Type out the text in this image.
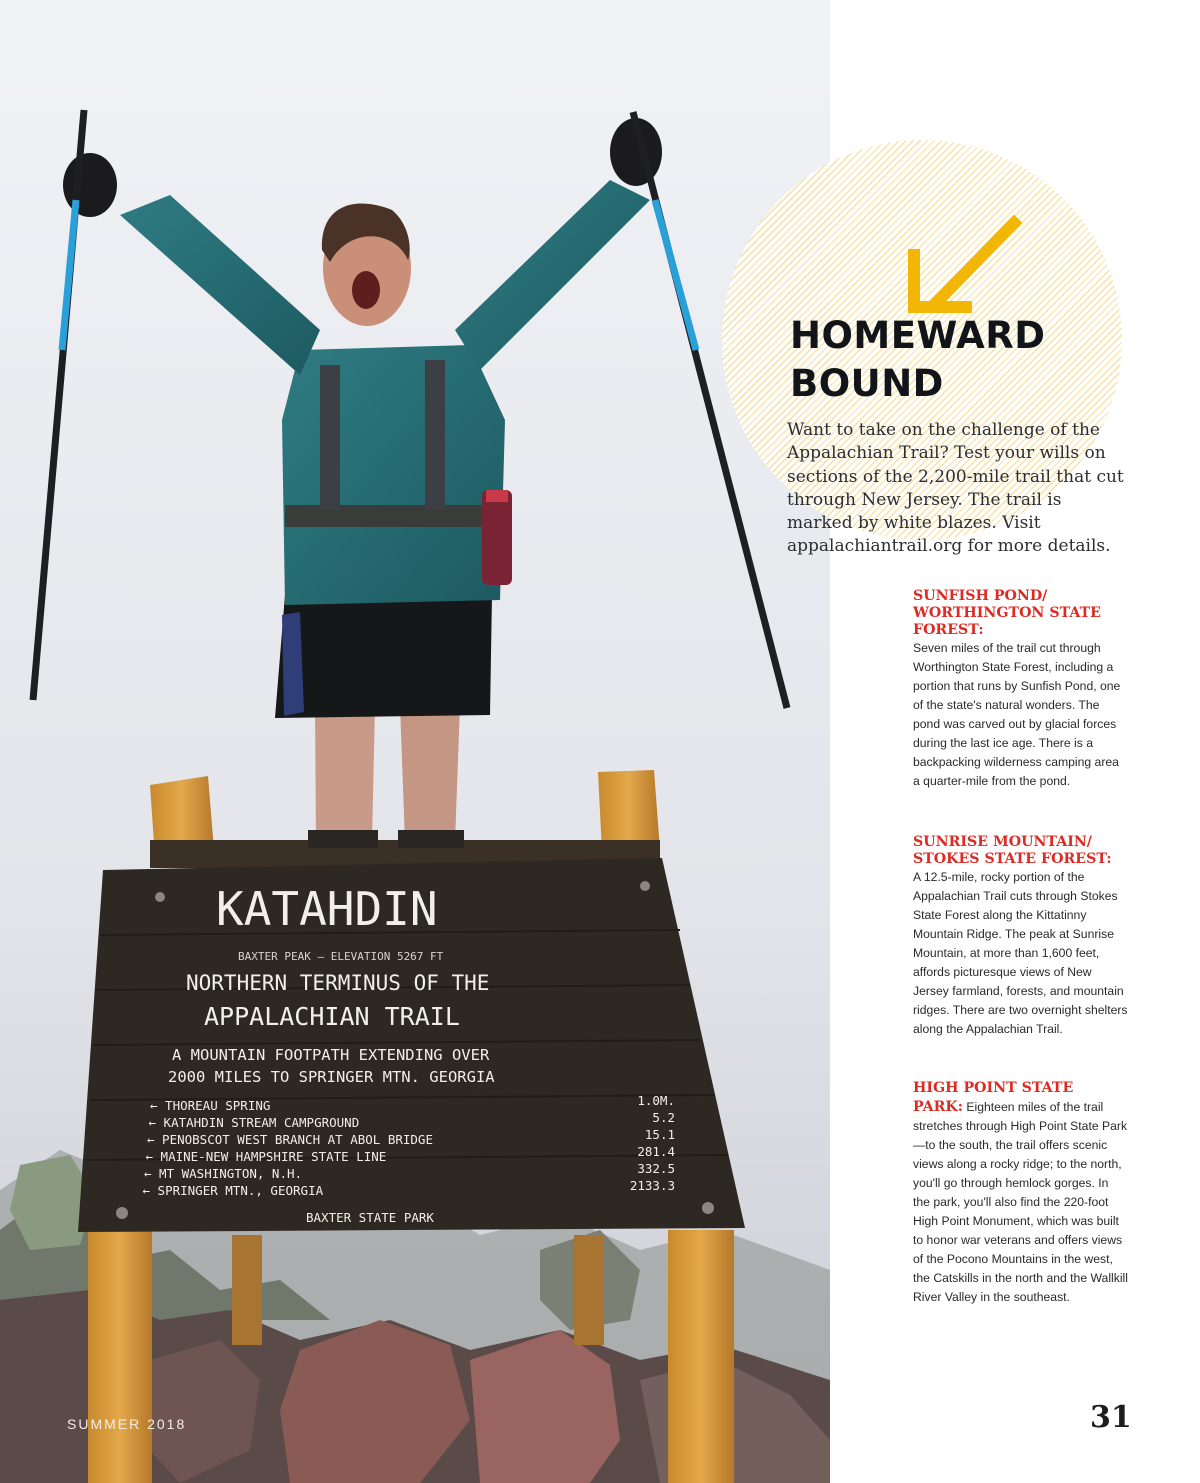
KATAHDIN
BAXTER PEAK — ELEVATION 5267 FT
NORTHERN TERMINUS OF THE
APPALACHIAN TRAIL
A MOUNTAIN FOOTPATH EXTENDING OVER
2000 MILES TO SPRINGER MTN. GEORGIA
← THOREAU SPRING	1.0M.
← KATAHDIN STREAM CAMPGROUND	5.2
← PENOBSCOT WEST BRANCH AT ABOL BRIDGE	15.1
← MAINE-NEW HAMPSHIRE STATE LINE	281.4
← MT WASHINGTON, N.H.	332.5
← SPRINGER MTN., GEORGIA	2133.3
BAXTER STATE PARK
SUMMER 2018
HOMEWARD
BOUND

Want to take on the challenge of the Appalachian Trail? Test your wills on sections of the 2,200-mile trail that cut through New Jersey. The trail is marked by white blazes. Visit appalachiantrail.org for more details.

SUNFISH POND/ WORTHINGTON STATE FOREST:
Seven miles of the trail cut through Worthington State Forest, including a portion that runs by Sunfish Pond, one of the state's natural wonders. The pond was carved out by glacial forces during the last ice age. There is a backpacking wilderness camping area a quarter-mile from the pond.
SUNRISE MOUNTAIN/ STOKES STATE FOREST:
A 12.5-mile, rocky portion of the Appalachian Trail cuts through Stokes State Forest along the Kittatinny Mountain Ridge. The peak at Sunrise Mountain, at more than 1,600 feet, affords picturesque views of New Jersey farmland, forests, and mountain ridges. There are two overnight shelters along the Appalachian Trail.
HIGH POINT STATE PARK: Eighteen miles of the trail stretches through High Point State Park—to the south, the trail offers scenic views along a rocky ridge; to the north, you'll go through hemlock gorges. In the park, you'll also find the 220-foot High Point Monument, which was built to honor war veterans and offers views of the Pocono Mountains in the west, the Catskills in the north and the Wallkill River Valley in the southeast.
31
